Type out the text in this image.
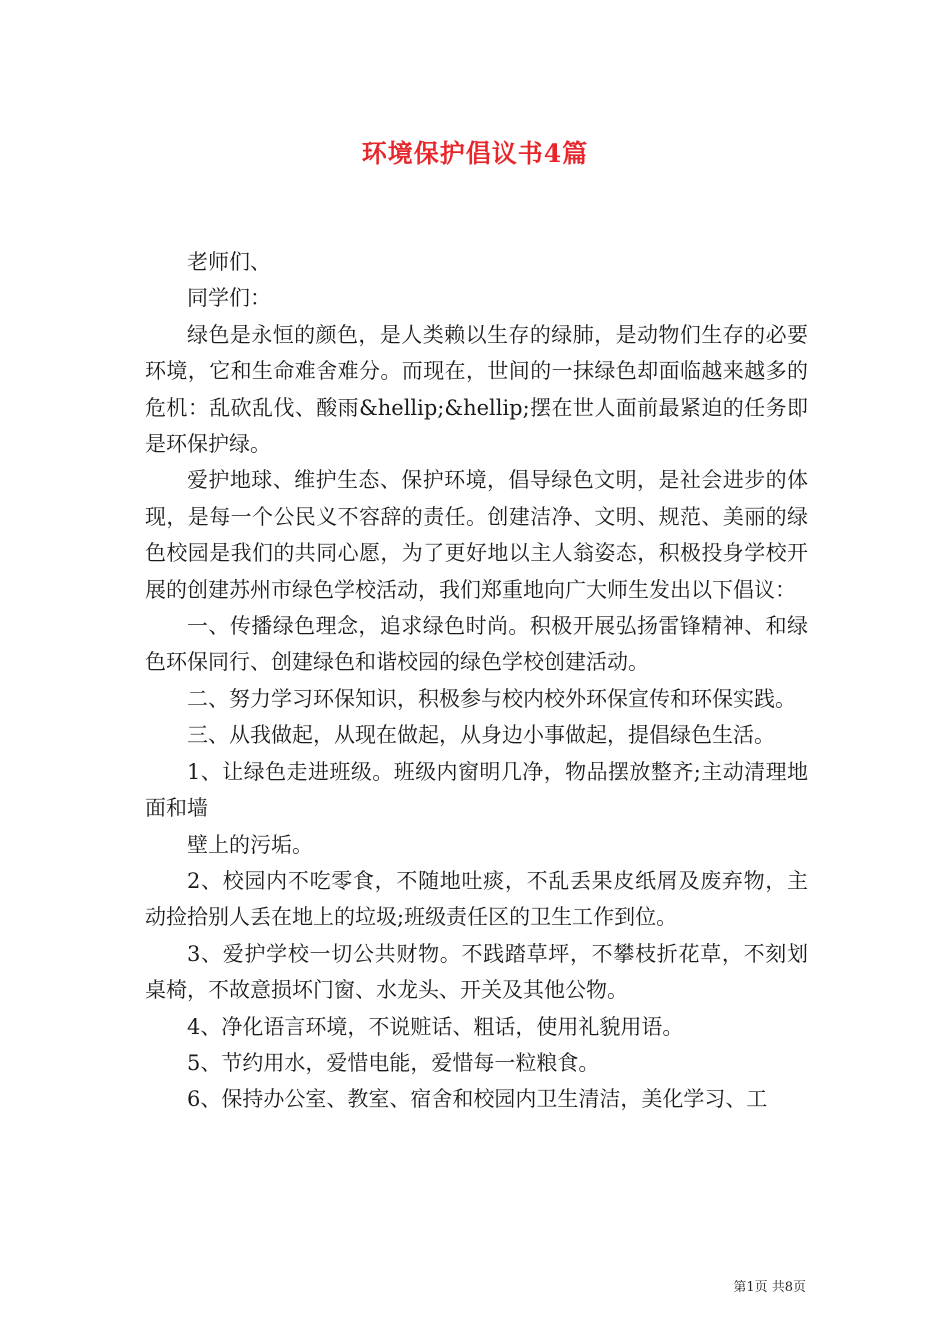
环境保护倡议书4篇

老师们、

同学们：

绿色是永恒的颜色，是人类赖以生存的绿肺，是动物们生存的必要环境，它和生命难舍难分。而现在，世间的一抹绿色却面临越来越多的危机：乱砍乱伐、酸雨&hellip;&hellip;摆在世人面前最紧迫的任务即是环保护绿。

爱护地球、维护生态、保护环境，倡导绿色文明，是社会进步的体现，是每一个公民义不容辞的责任。创建洁净、文明、规范、美丽的绿色校园是我们的共同心愿，为了更好地以主人翁姿态，积极投身学校开展的创建苏州市绿色学校活动，我们郑重地向广大师生发出以下倡议：

一、传播绿色理念，追求绿色时尚。积极开展弘扬雷锋精神、和绿色环保同行、创建绿色和谐校园的绿色学校创建活动。

二、努力学习环保知识，积极参与校内校外环保宣传和环保实践。

三、从我做起，从现在做起，从身边小事做起，提倡绿色生活。

1、让绿色走进班级。班级内窗明几净，物品摆放整齐;主动清理地面和墙

壁上的污垢。

2、校园内不吃零食，不随地吐痰，不乱丢果皮纸屑及废弃物，主动捡拾别人丢在地上的垃圾;班级责任区的卫生工作到位。

3、爱护学校一切公共财物。不践踏草坪，不攀枝折花草，不刻划桌椅，不故意损坏门窗、水龙头、开关及其他公物。

4、净化语言环境，不说赃话、粗话，使用礼貌用语。

5、节约用水，爱惜电能，爱惜每一粒粮食。

6、保持办公室、教室、宿舍和校园内卫生清洁，美化学习、工

第1页 共8页
